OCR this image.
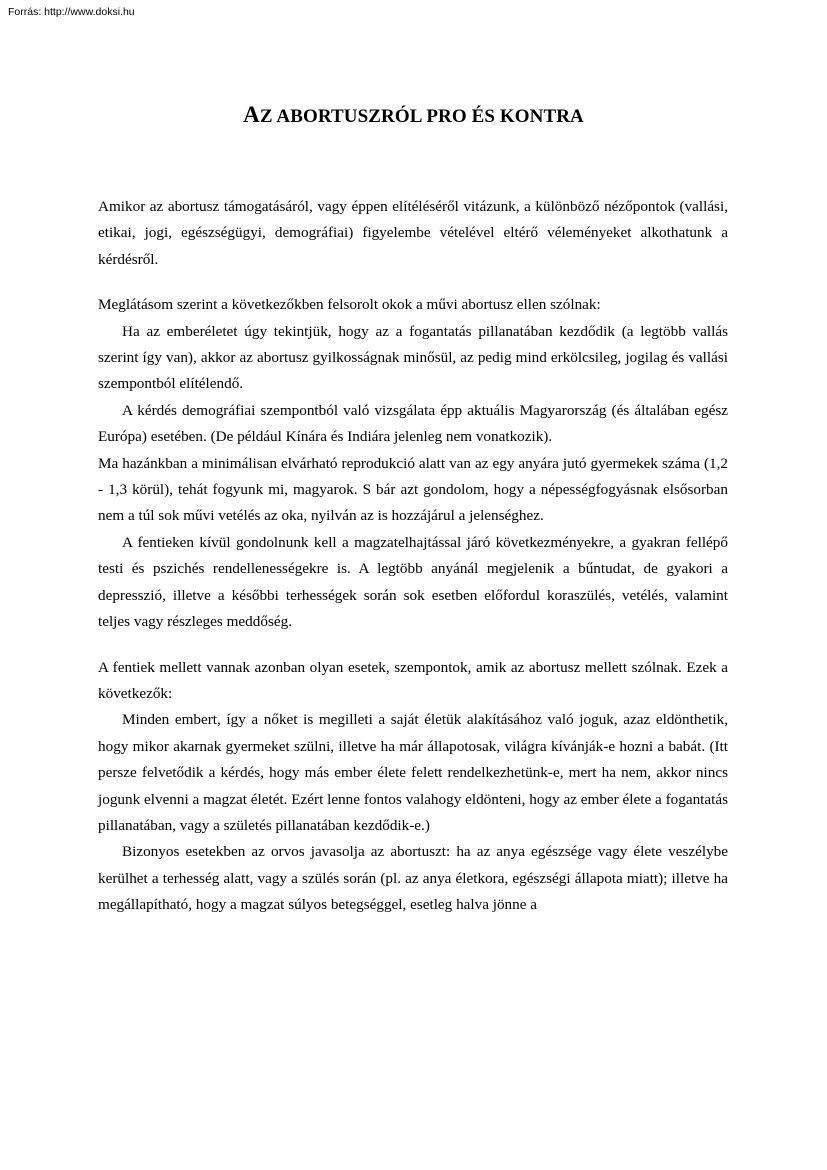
Forrás: http://www.doksi.hu
AZ ABORTUSZRÓL PRO ÉS KONTRA

Amikor az abortusz támogatásáról, vagy éppen elítéléséről vitázunk, a különböző nézőpontok (vallási, etikai, jogi, egészségügyi, demográfiai) figyelembe vételével eltérő véleményeket alkothatunk a kérdésről.

Meglátásom szerint a következőkben felsorolt okok a művi abortusz ellen szólnak:

Ha az emberéletet úgy tekintjük, hogy az a fogantatás pillanatában kezdődik (a legtöbb vallás szerint így van), akkor az abortusz gyilkosságnak minősül, az pedig mind erkölcsileg, jogilag és vallási szempontból elítélendő.

A kérdés demográfiai szempontból való vizsgálata épp aktuális Magyarország (és általában egész Európa) esetében. (De például Kínára és Indiára jelenleg nem vonatkozik).

Ma hazánkban a minimálisan elvárható reprodukció alatt van az egy anyára jutó gyermekek száma (1,2 - 1,3 körül), tehát fogyunk mi, magyarok. S bár azt gondolom, hogy a népességfogyásnak elsősorban nem a túl sok művi vetélés az oka, nyilván az is hozzájárul a jelenséghez.

A fentieken kívül gondolnunk kell a magzatelhajtással járó következményekre, a gyakran fellépő testi és pszichés rendellenességekre is. A legtöbb anyánál megjelenik a bűntudat, de gyakori a depresszió, illetve a későbbi terhességek során sok esetben előfordul koraszülés, vetélés, valamint teljes vagy részleges meddőség.

A fentiek mellett vannak azonban olyan esetek, szempontok, amik az abortusz mellett szólnak. Ezek a következők:

Minden embert, így a nőket is megilleti a saját életük alakításához való joguk, azaz eldönthetik, hogy mikor akarnak gyermeket szülni, illetve ha már állapotosak, világra kívánják-e hozni a babát. (Itt persze felvetődik a kérdés, hogy más ember élete felett rendelkezhetünk-e, mert ha nem, akkor nincs jogunk elvenni a magzat életét. Ezért lenne fontos valahogy eldönteni, hogy az ember élete a fogantatás pillanatában, vagy a születés pillanatában kezdődik-e.)

Bizonyos esetekben az orvos javasolja az abortuszt: ha az anya egészsége vagy élete veszélybe kerülhet a terhesség alatt, vagy a szülés során (pl. az anya életkora, egészségi állapota miatt); illetve ha megállapítható, hogy a magzat súlyos betegséggel, esetleg halva jönne a
